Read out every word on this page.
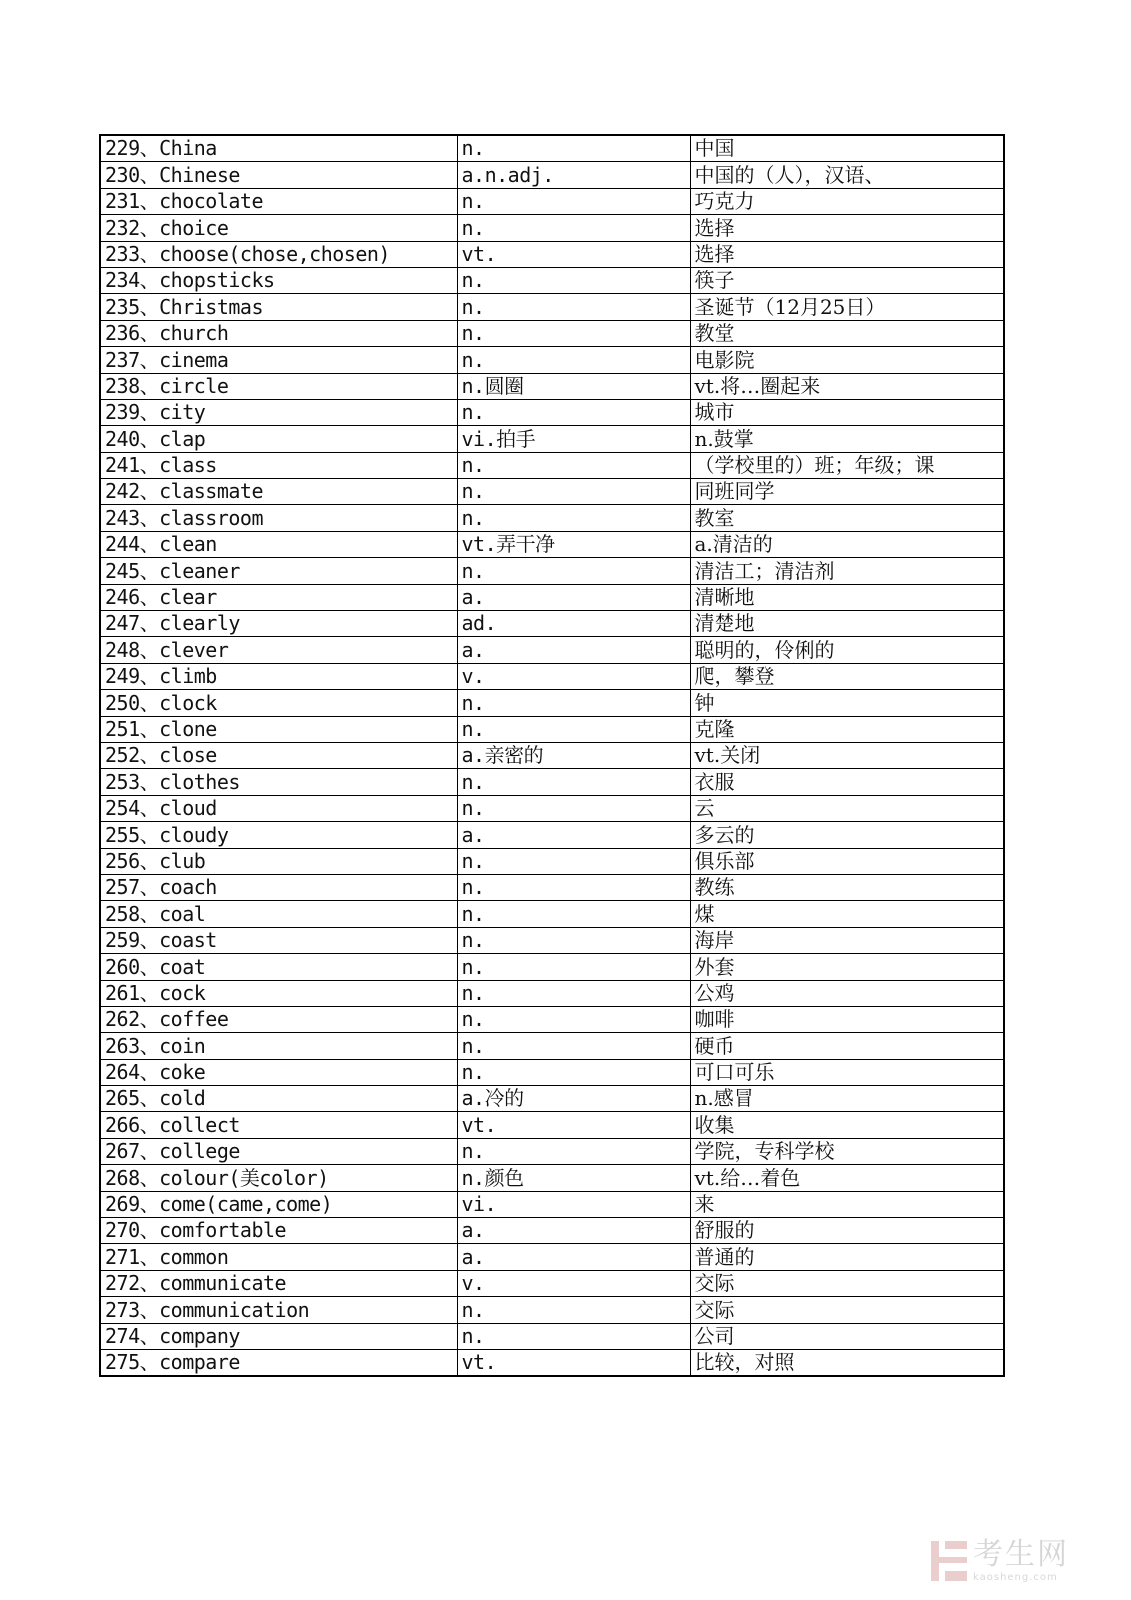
229、China	n.	中国
230、Chinese	a.n.adj.	中国的（人），汉语、
231、chocolate	n.	巧克力
232、choice	n.	选择
233、choose(chose,chosen)	vt.	选择
234、chopsticks	n.	筷子
235、Christmas	n.	圣诞节（12月25日）
236、church	n.	教堂
237、cinema	n.	电影院
238、circle	n.圆圈	vt.将…圈起来
239、city	n.	城市
240、clap	vi.拍手	n.鼓掌
241、class	n.	（学校里的）班；年级；课
242、classmate	n.	同班同学
243、classroom	n.	教室
244、clean	vt.弄干净	a.清洁的
245、cleaner	n.	清洁工；清洁剂
246、clear	a.	清晰地
247、clearly	ad.	清楚地
248、clever	a.	聪明的，伶俐的
249、climb	v.	爬，攀登
250、clock	n.	钟
251、clone	n.	克隆
252、close	a.亲密的	vt.关闭
253、clothes	n.	衣服
254、cloud	n.	云
255、cloudy	a.	多云的
256、club	n.	俱乐部
257、coach	n.	教练
258、coal	n.	煤
259、coast	n.	海岸
260、coat	n.	外套
261、cock	n.	公鸡
262、coffee	n.	咖啡
263、coin	n.	硬币
264、coke	n.	可口可乐
265、cold	a.冷的	n.感冒
266、collect	vt.	收集
267、college	n.	学院，专科学校
268、colour(美color)	n.颜色	vt.给…着色
269、come(came,come)	vi.	来
270、comfortable	a.	舒服的
271、common	a.	普通的
272、communicate	v.	交际
273、communication	n.	交际
274、company	n.	公司
275、compare	vt.	比较，对照
考生网
kaosheng.com
